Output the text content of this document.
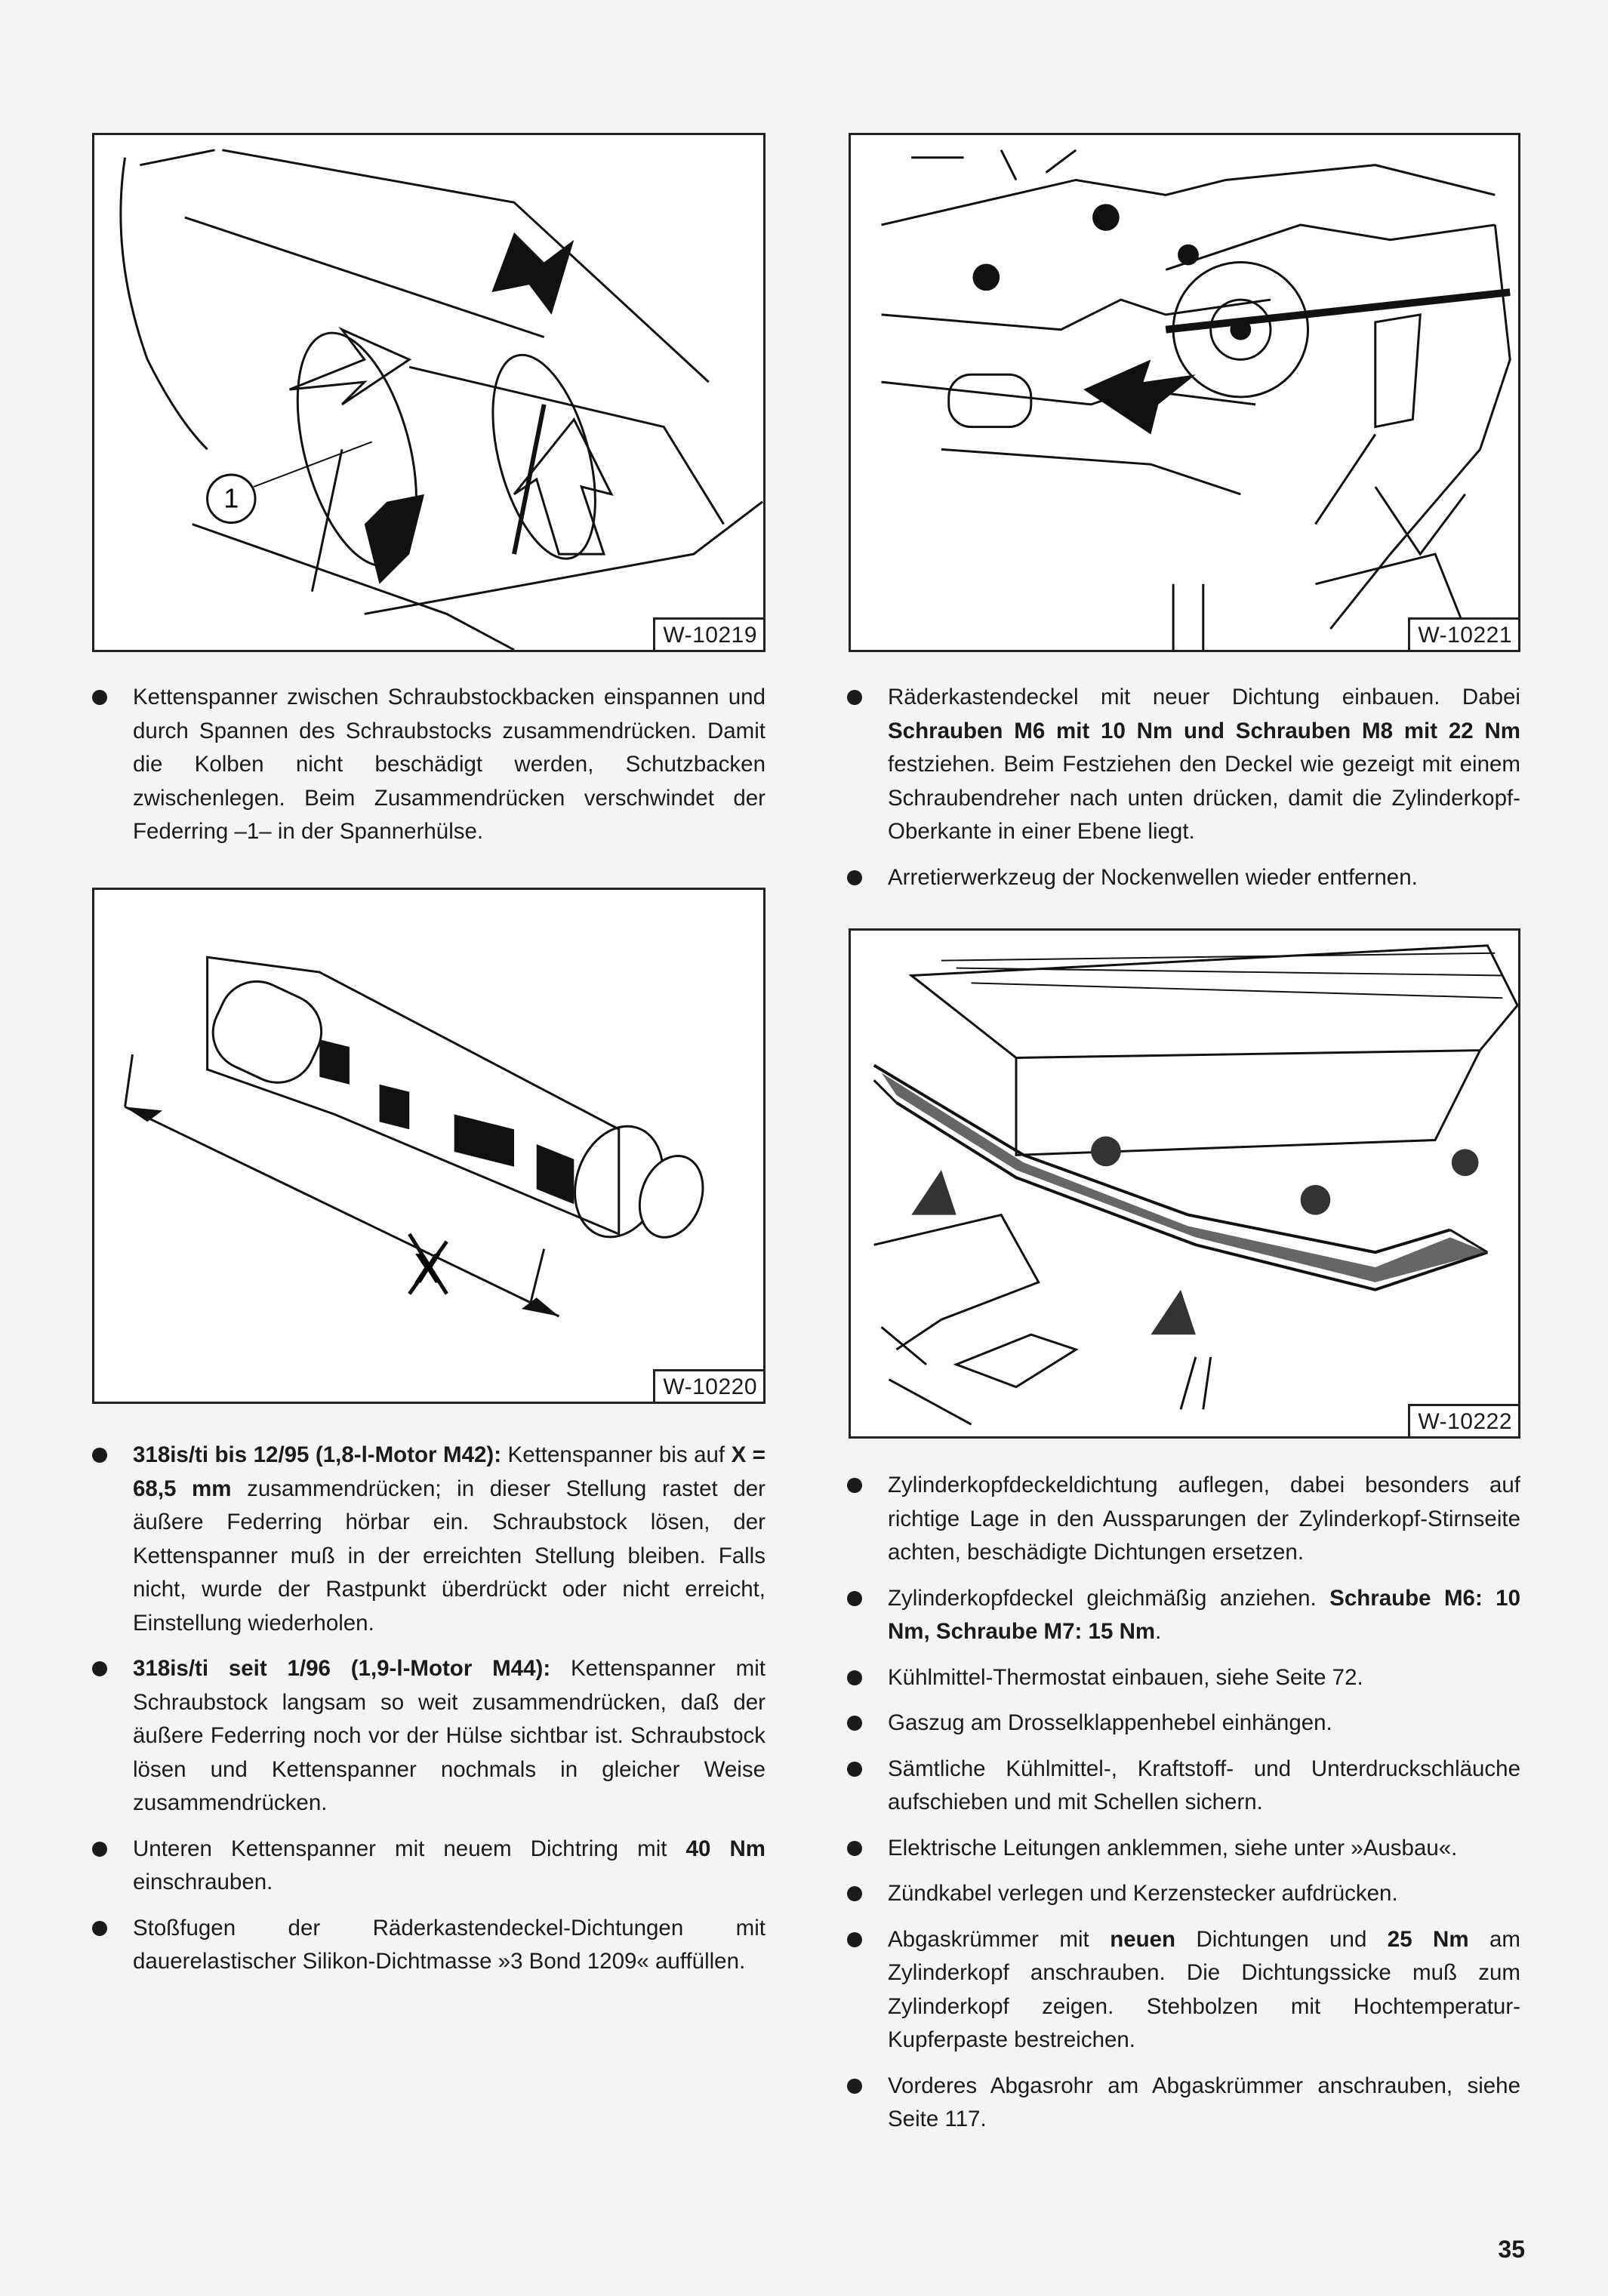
1
W-10219	W-10221
Kettenspanner zwischen Schraubstockbacken einspannen und durch Spannen des Schraubstocks zusammendrücken. Damit die Kolben nicht beschädigt werden, Schutzbacken zwischenlegen. Beim Zusammendrücken verschwindet der Federring –1– in der Spannerhülse.
X
W-10220
Räderkastendeckel mit neuer Dichtung einbauen. Dabei Schrauben M6 mit 10 Nm und Schrauben M8 mit 22 Nm festziehen. Beim Festziehen den Deckel wie gezeigt mit einem Schraubendreher nach unten drücken, damit die Zylinderkopf-Oberkante in einer Ebene liegt.
Arretierwerkzeug der Nockenwellen wieder entfernen.
W-10222
318is/ti bis 12/95 (1,8-l-Motor M42): Kettenspanner bis auf X = 68,5 mm zusammendrücken; in dieser Stellung rastet der äußere Federring hörbar ein. Schraubstock lösen, der Kettenspanner muß in der erreichten Stellung bleiben. Falls nicht, wurde der Rastpunkt überdrückt oder nicht erreicht, Einstellung wiederholen.
318is/ti seit 1/96 (1,9-l-Motor M44): Kettenspanner mit Schraubstock langsam so weit zusammendrücken, daß der äußere Federring noch vor der Hülse sichtbar ist. Schraubstock lösen und Kettenspanner nochmals in gleicher Weise zusammendrücken.
Unteren Kettenspanner mit neuem Dichtring mit 40 Nm einschrauben.
Stoßfugen der Räderkastendeckel-Dichtungen mit dauerelastischer Silikon-Dichtmasse »3 Bond 1209« auffüllen.
Zylinderkopfdeckeldichtung auflegen, dabei besonders auf richtige Lage in den Aussparungen der Zylinderkopf-Stirnseite achten, beschädigte Dichtungen ersetzen.
Zylinderkopfdeckel gleichmäßig anziehen. Schraube M6: 10 Nm, Schraube M7: 15 Nm.
Kühlmittel-Thermostat einbauen, siehe Seite 72.
Gaszug am Drosselklappenhebel einhängen.
Sämtliche Kühlmittel-, Kraftstoff- und Unterdruckschläuche aufschieben und mit Schellen sichern.
Elektrische Leitungen anklemmen, siehe unter »Ausbau«.
Zündkabel verlegen und Kerzenstecker aufdrücken.
Abgaskrümmer mit neuen Dichtungen und 25 Nm am Zylinderkopf anschrauben. Die Dichtungssicke muß zum Zylinderkopf zeigen. Stehbolzen mit Hochtemperatur-Kupferpaste bestreichen.
Vorderes Abgasrohr am Abgaskrümmer anschrauben, siehe Seite 117.
35
